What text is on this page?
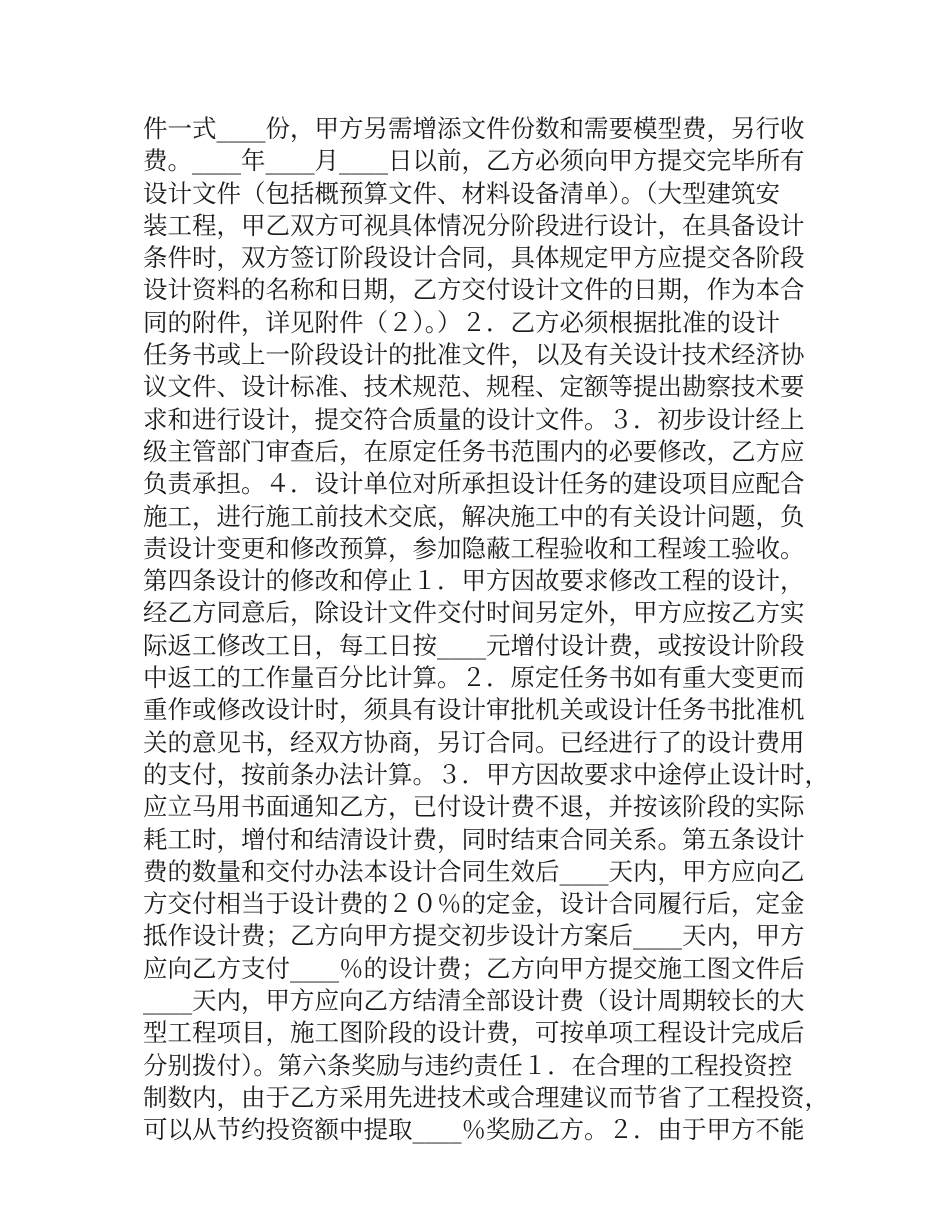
件一式____份，甲方另需增添文件份数和需要模型费，另行收
费。____年____月____日以前，乙方必须向甲方提交完毕所有
设计文件（包括概预算文件、材料设备清单）。（大型建筑安
装工程，甲乙双方可视具体情况分阶段进行设计，在具备设计
条件时，双方签订阶段设计合同，具体规定甲方应提交各阶段
设计资料的名称和日期，乙方交付设计文件的日期，作为本合
同的附件，详见附件（２）。）２．乙方必须根据批准的设计
任务书或上一阶段设计的批准文件，以及有关设计技术经济协
议文件、设计标准、技术规范、规程、定额等提出勘察技术要
求和进行设计，提交符合质量的设计文件。３．初步设计经上
级主管部门审查后，在原定任务书范围内的必要修改，乙方应
负责承担。４．设计单位对所承担设计任务的建设项目应配合
施工，进行施工前技术交底，解决施工中的有关设计问题，负
责设计变更和修改预算，参加隐蔽工程验收和工程竣工验收。
第四条设计的修改和停止１．甲方因故要求修改工程的设计，
经乙方同意后，除设计文件交付时间另定外，甲方应按乙方实
际返工修改工日，每工日按____元增付设计费，或按设计阶段
中返工的工作量百分比计算。２．原定任务书如有重大变更而
重作或修改设计时，须具有设计审批机关或设计任务书批准机
关的意见书，经双方协商，另订合同。已经进行了的设计费用
的支付，按前条办法计算。３．甲方因故要求中途停止设计时，
应立马用书面通知乙方，已付设计费不退，并按该阶段的实际
耗工时，增付和结清设计费，同时结束合同关系。第五条设计
费的数量和交付办法本设计合同生效后____天内，甲方应向乙
方交付相当于设计费的２０％的定金，设计合同履行后，定金
抵作设计费；乙方向甲方提交初步设计方案后____天内，甲方
应向乙方支付____％的设计费；乙方向甲方提交施工图文件后
____天内，甲方应向乙方结清全部设计费（设计周期较长的大
型工程项目，施工图阶段的设计费，可按单项工程设计完成后
分别拨付）。第六条奖励与违约责任１．在合理的工程投资控
制数内，由于乙方采用先进技术或合理建议而节省了工程投资，
可以从节约投资额中提取____％奖励乙方。２．由于甲方不能
